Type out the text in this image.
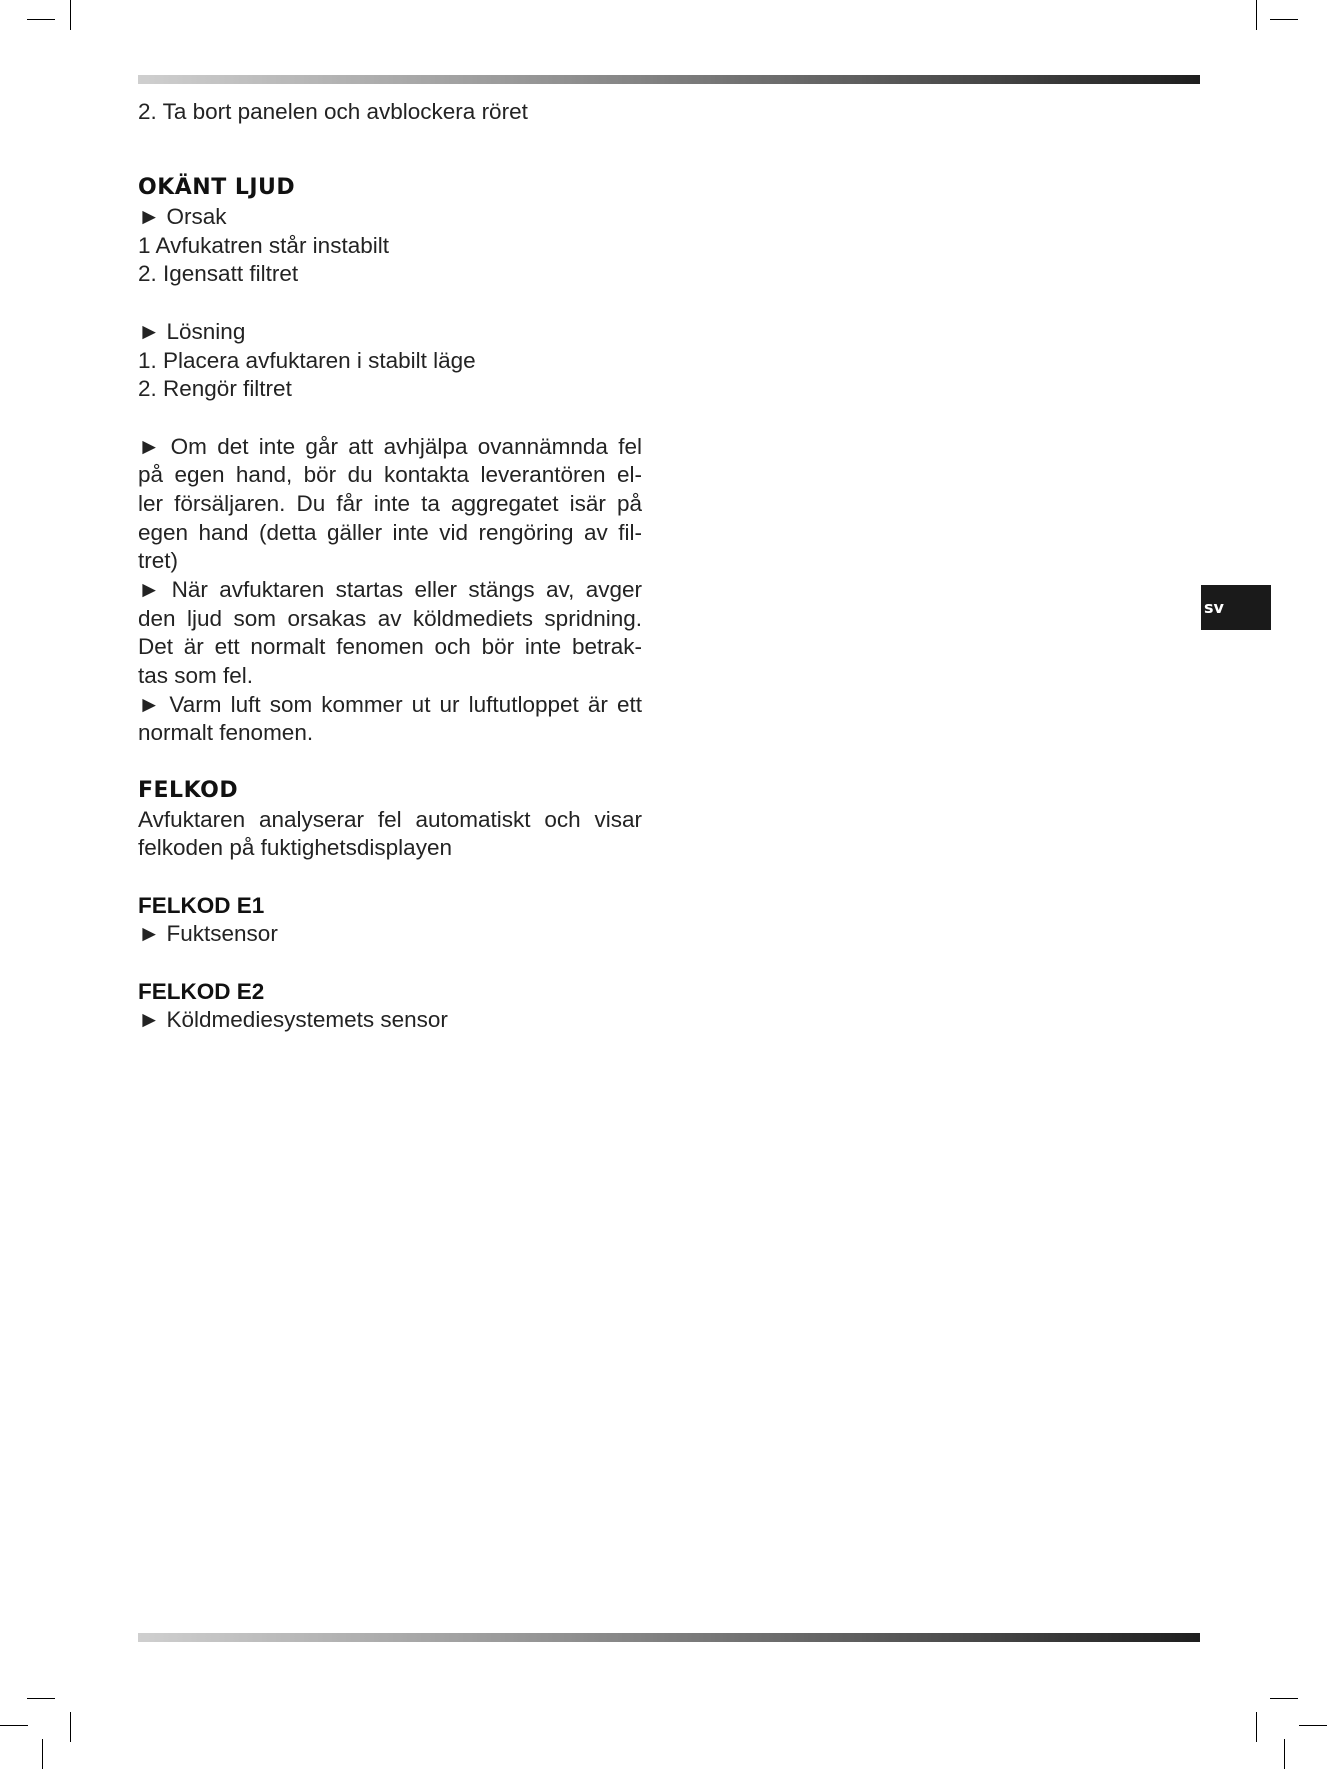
sv
2. Ta bort panelen och avblockera röret
OKÄNT LJUD
► Orsak
1 Avfukatren står instabilt
2. Igensatt filtret
► Lösning
1. Placera avfuktaren i stabilt läge
2. Rengör filtret
► Om det inte går att avhjälpa ovannämnda fel
på egen hand, bör du kontakta leverantören el-
ler försäljaren. Du får inte ta aggregatet isär på
egen hand (detta gäller inte vid rengöring av fil-
tret)
► När avfuktaren startas eller stängs av, avger
den ljud som orsakas av köldmediets spridning.
Det är ett normalt fenomen och bör inte betrak-
tas som fel.
► Varm luft som kommer ut ur luftutloppet är ett
normalt fenomen.
FELKOD
Avfuktaren analyserar fel automatiskt och visar
felkoden på fuktighetsdisplayen
FELKOD E1
► Fuktsensor
FELKOD E2
► Köldmediesystemets sensor
